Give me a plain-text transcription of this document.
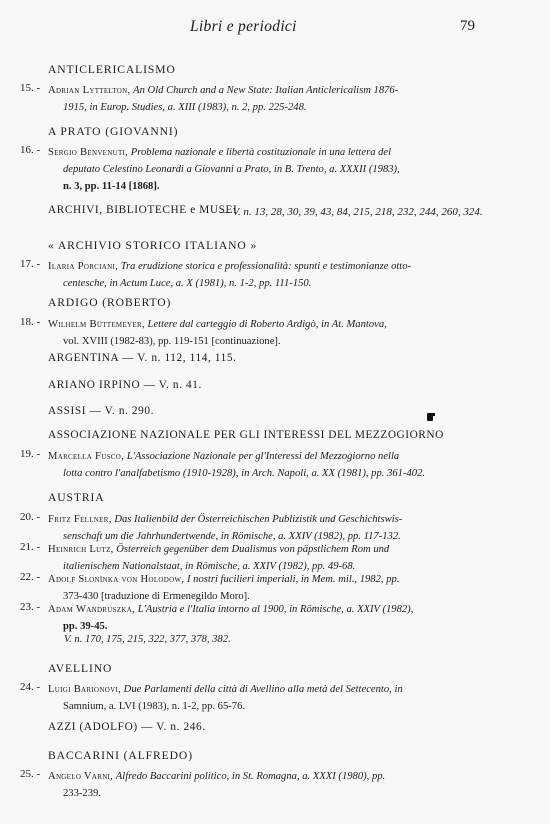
Libri e periodici	79
ANTICLERICALISMO
15. - Adrian Lyttelton, An Old Church and a New State: Italian Anticlericalism 1876-
1915, in Europ. Studies, a. XIII (1983), n. 2, pp. 225-248.
A PRATO (GIOVANNI)
16. - Sergio Benvenuti, Problema nazionale e libertà costituzionale in una lettera del
deputato Celestino Leonardi a Giovanni a Prato, in B. Trento, a. XXXII (1983),
n. 3, pp. 11-14 [1868].
ARCHIVI, BIBLIOTECHE e MUSEI
— V. n. 13, 28, 30, 39, 43, 84, 215, 218, 232, 244, 260, 324.
« ARCHIVIO STORICO ITALIANO »
17. - Ilaria Porciani, Tra erudizione storica e professionalità: spunti e testimonianze otto-
centesche, in Actum Luce, a. X (1981), n. 1-2, pp. 111-150.
ARDIGO (ROBERTO)
18. - Wilhelm Büttemeyer, Lettere dal carteggio di Roberto Ardigò, in At. Mantova,
vol. XVIII (1982-83), pp. 119-151 [continuazione].
ARGENTINA — V. n. 112, 114, 115.
ARIANO IRPINO — V. n. 41.
ASSISI — V. n. 290.
ASSOCIAZIONE NAZIONALE PER GLI INTERESSI DEL MEZZOGIORNO
19. - Marcella Fusco, L'Associazione Nazionale per gl'Interessi del Mezzogiorno nella
lotta contro l'analfabetismo (1910-1928), in Arch. Napoli, a. XX (1981), pp. 361-402.
AUSTRIA
20. - Fritz Fellner, Das Italienbild der Österreichischen Publizistik und Geschichtswis-
senschaft um die Jahrhundertwende, in Römische, a. XXIV (1982), pp. 117-132.
21. - Heinrich Lutz, Österreich gegenüber dem Dualismus von päpstlichem Rom und
italienischem Nationalstaat, in Römische, a. XXIV (1982), pp. 49-68.
22. - Adolf Slonïnka von Holodow, I nostri fucilieri imperiali, in Mem. mil., 1982, pp.
373-430 [traduzione di Ermenegildo Moro].
23. - Adam Wandruszka, L'Austria e l'Italia intorno al 1900, in Römische, a. XXIV (1982),
pp. 39-45.
V. n. 170, 175, 215, 322, 377, 378, 382.
AVELLINO
24. - Luigi Barionovi, Due Parlamenti della città di Avellino alla metà del Settecento, in
Samnium, a. LVI (1983), n. 1-2, pp. 65-76.
AZZI (ADOLFO) — V. n. 246.
BACCARINI (ALFREDO)
25. - Angelo Varni, Alfredo Baccarini politico, in St. Romagna, a. XXXI (1980), pp.
233-239.
